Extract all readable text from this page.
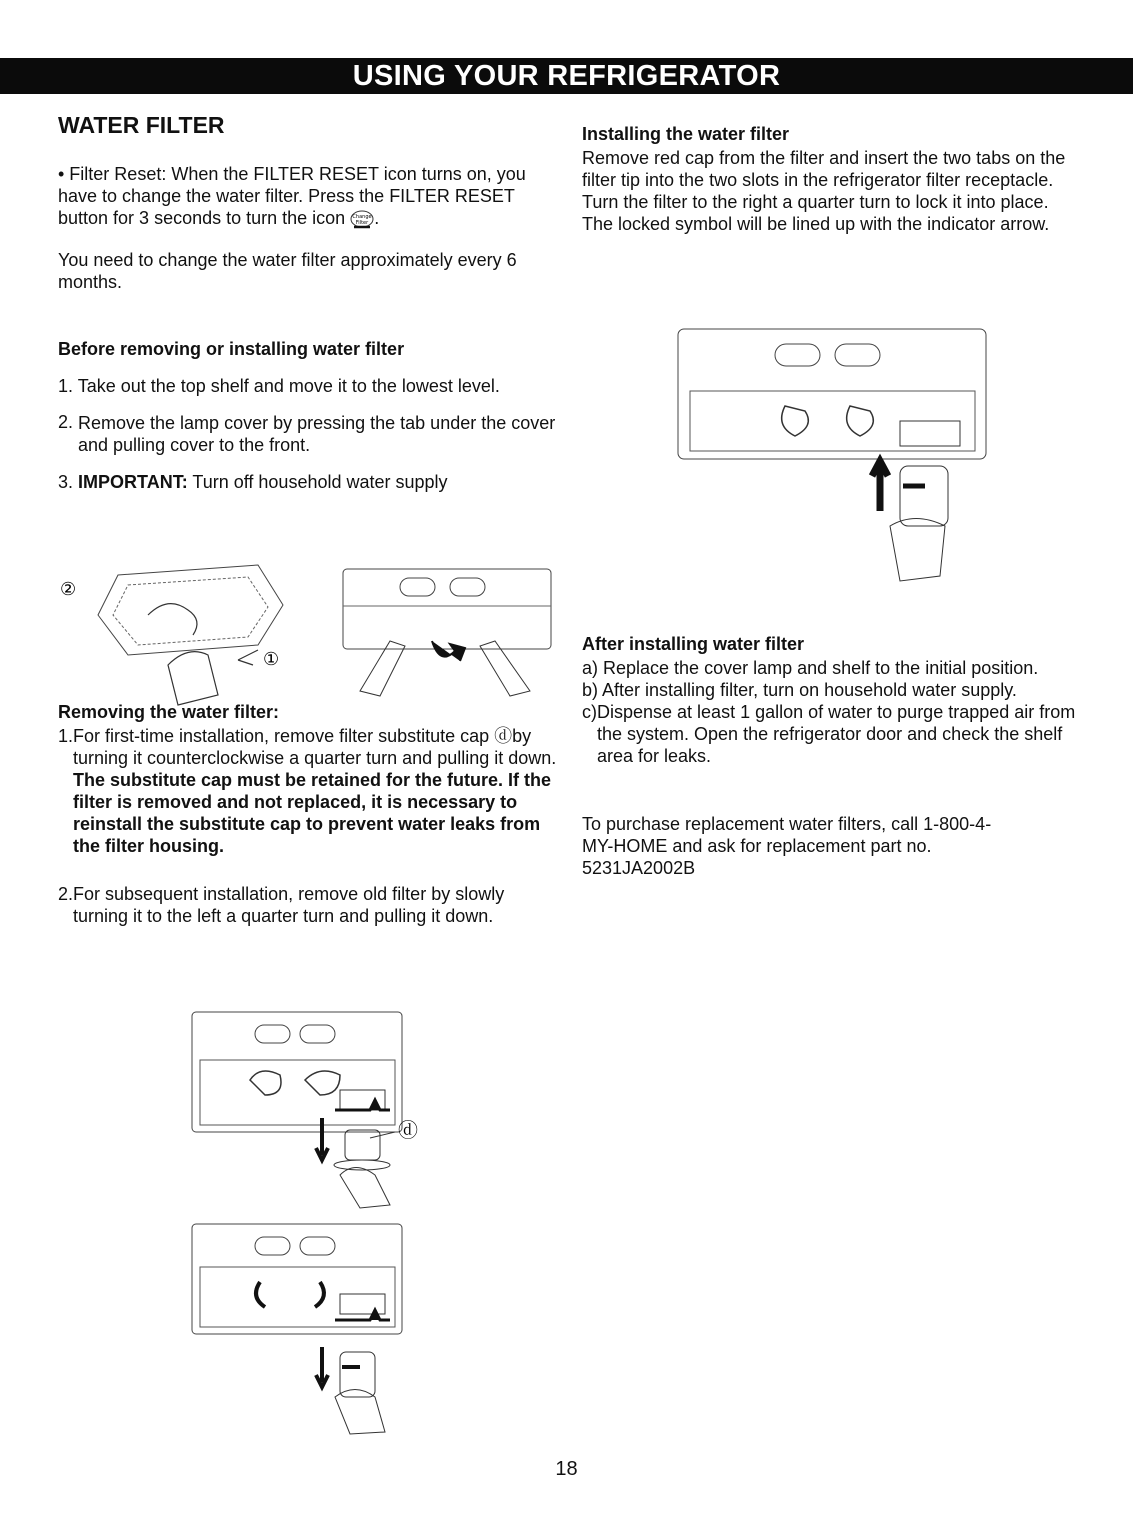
USING YOUR REFRIGERATOR
WATER FILTER

• Filter Reset: When the FILTER RESET icon turns on, you have to change the water filter. Press the FILTER RESET button for 3 seconds to turn the icon Change
Filter .

You need to change the water filter approximately every 6 months.

Before removing or installing water filter

1. Take out the top shelf and move it to the lowest level.

2. Remove the lamp cover by pressing the tab under the cover and pulling cover to the front.

3. IMPORTANT: Turn off household water supply

②
①
Removing the water filter:

1.For first-time installation, remove filter substitute cap ⓓby turning it counterclockwise a quarter turn and pulling it down. The substitute cap must be retained for the future. If the filter is removed and not replaced, it is necessary to reinstall the substitute cap to prevent water leaks from the filter housing.

2.For subsequent installation, remove old filter by slowly turning it to the left a quarter turn and pulling it down.

ⓓ
Installing the water filter

Remove red cap from the filter and insert the two tabs on the filter tip into the two slots in the refrigerator filter receptacle. Turn the filter to the right a quarter turn to lock it into place.

The locked symbol will be lined up with the indicator arrow.

After installing water filter

a) Replace the cover lamp and shelf to the initial position.

b) After installing filter, turn on household water supply.

c)Dispense at least 1 gallon of water to purge trapped air from the system. Open the refrigerator door and check the shelf area for leaks.

To purchase replacement water filters, call 1-800-4-MY-HOME and ask for replacement part no. 5231JA2002B

18
